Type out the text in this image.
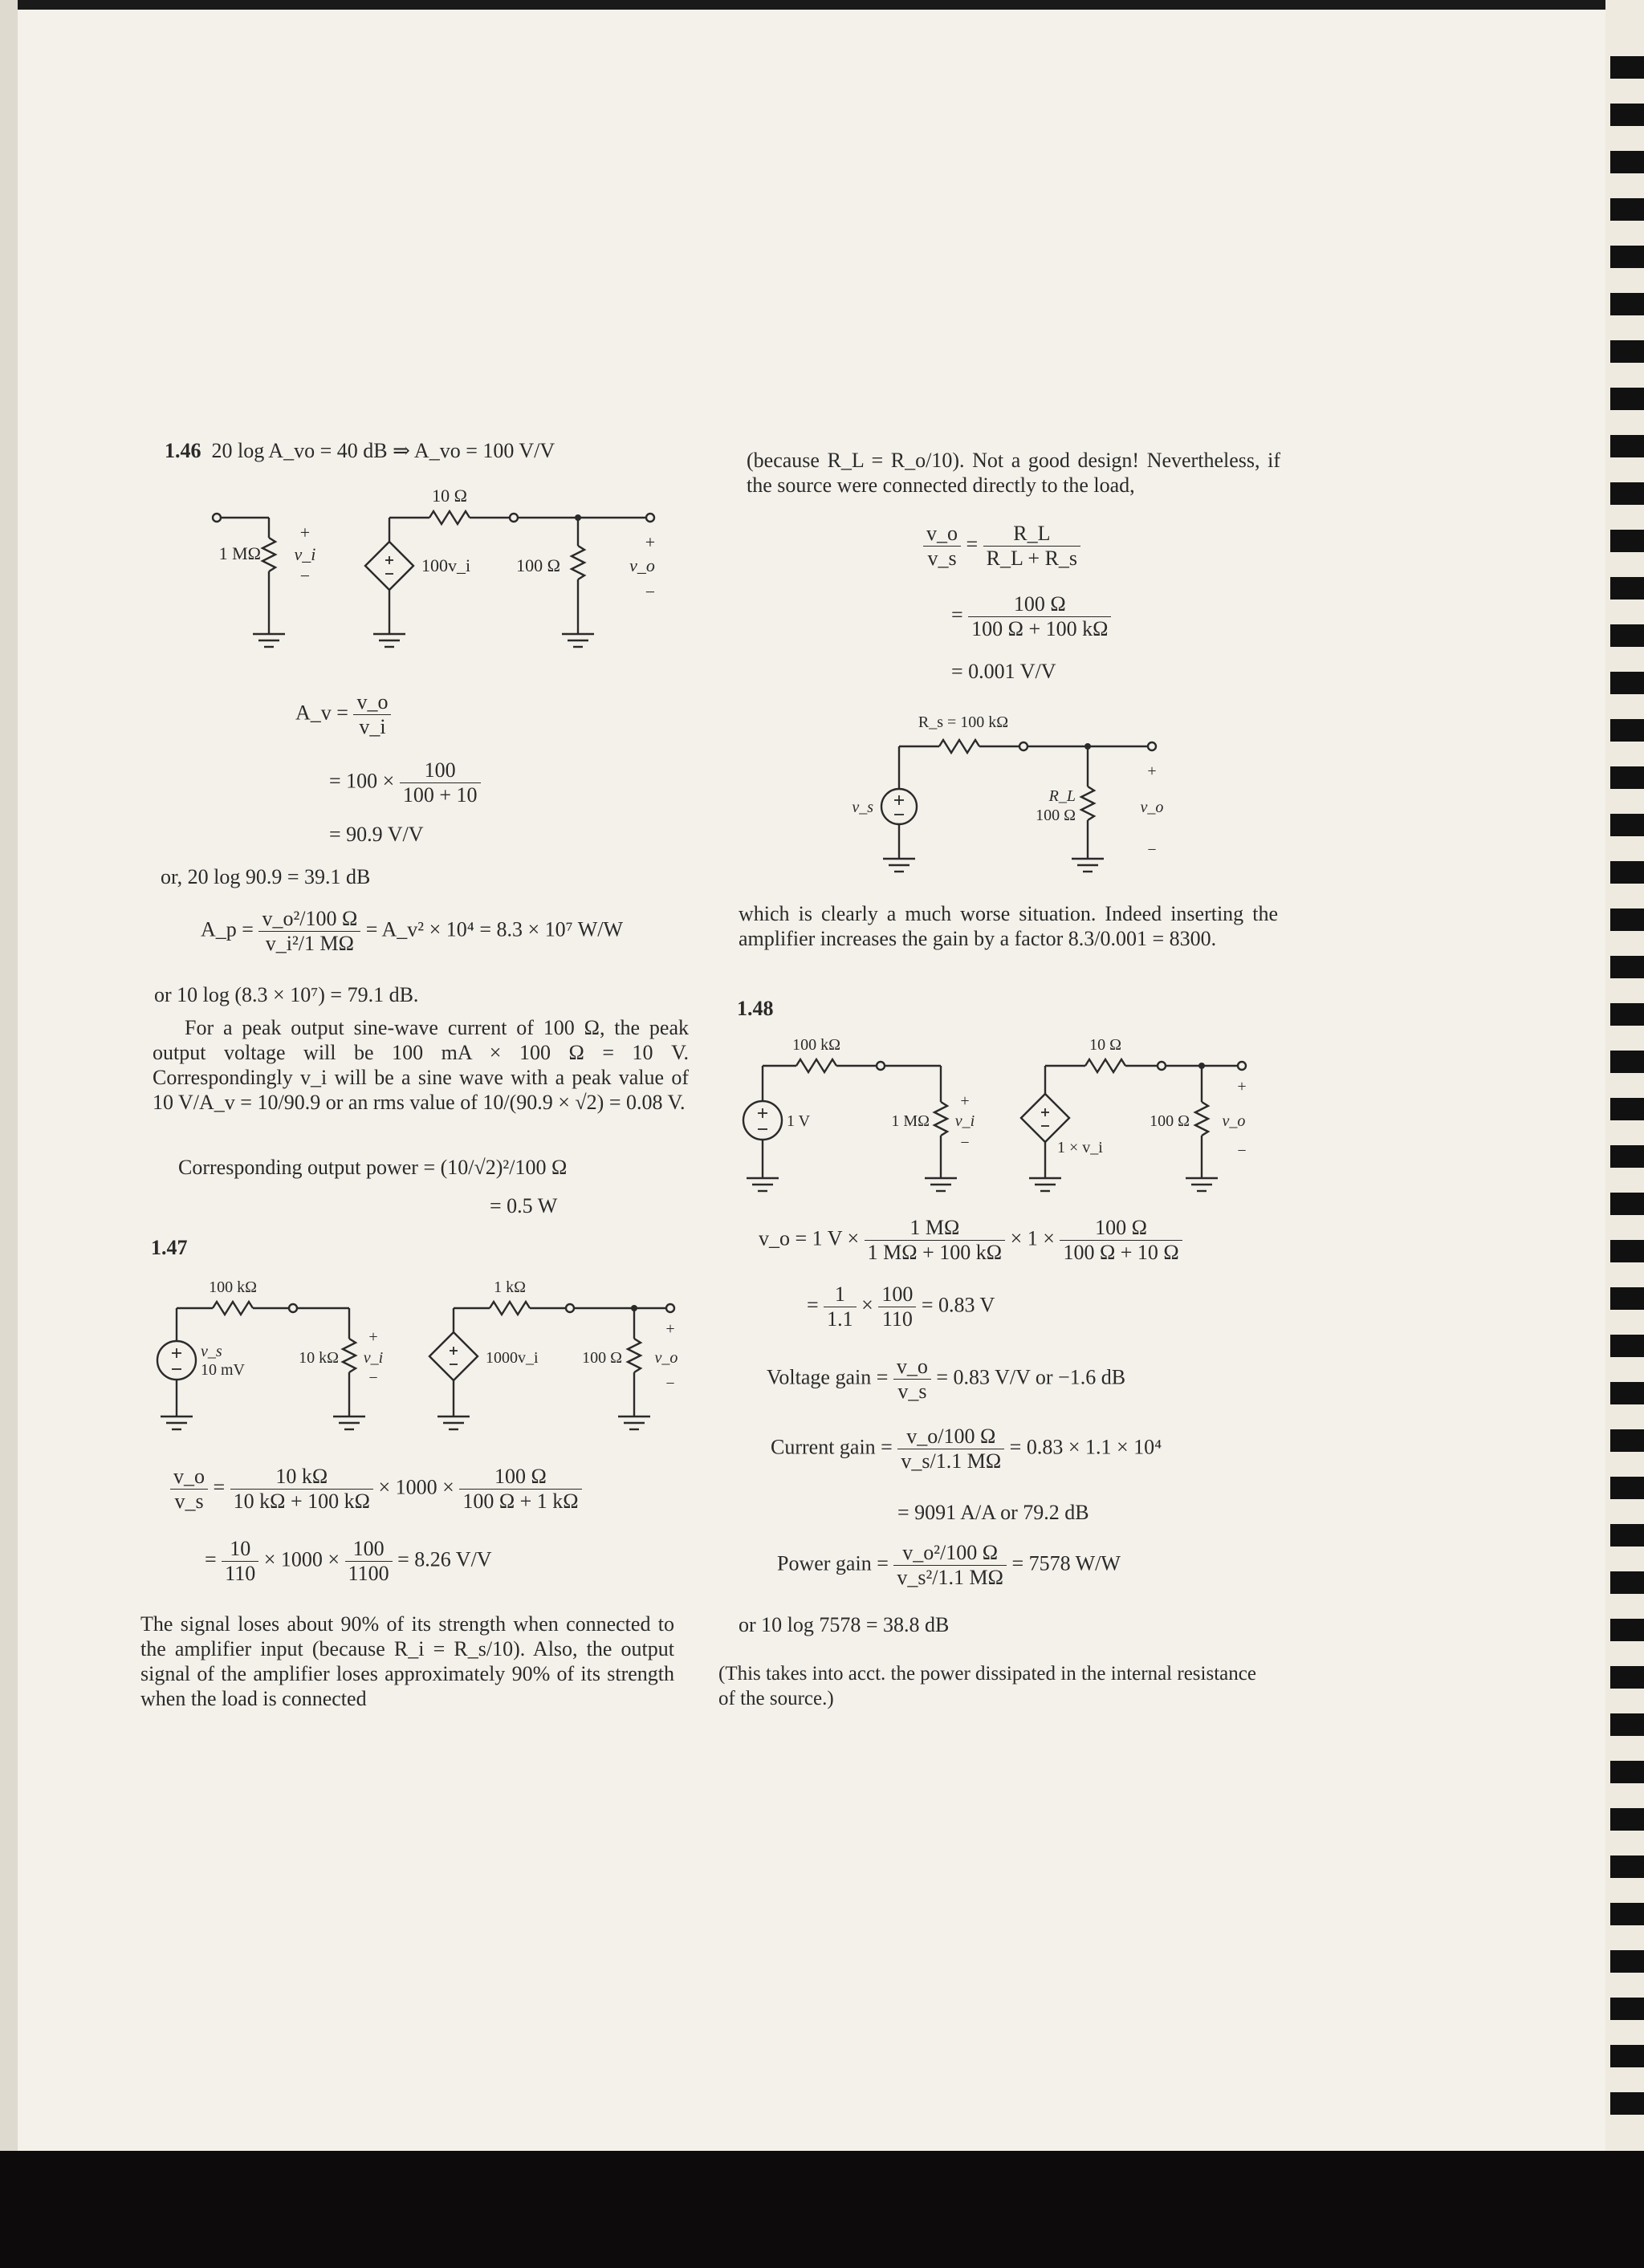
1.46 20 log A_vo = 40 dB ⇒ A_vo = 100 V/V
10 Ω
1 MΩ
+
v_i
−
100v_i	100 Ω
+
v_o
−
A_v = $\frac{v\_o}{v\_i}$
= $100 \times \frac{100}{100 + 10}$
= 90.9 V/V
or, 20 log 90.9 = 39.1 dB
A_p = $\frac{\text{v\_o²/100 Ω}}{\text{v\_i²/1 MΩ}}$ = A_v² × 10⁴ = 8.3 × 10⁷ W/W
or 10 log (8.3 × 10⁷) = 79.1 dB.
For a peak output sine-wave current of 100 Ω, the peak output voltage will be 100 mA × 100 Ω = 10 V. Correspondingly v_i will be a sine wave with a peak value of 10 V/A_v = 10/90.9 or an rms value of 10/(90.9 × √2) = 0.08 V.
Corresponding output power = (10/√2)²/100 Ω
= 0.5 W
1.47
100 kΩ
v_s
10 mV
10 kΩ
+
v_i
−
1 kΩ
1000v_i	100 Ω
+
v_o
−
$\frac{v\_o}{v\_s} = \frac{10 k\Omega}{10 k\Omega + 100 k\Omega} \times 1000 \times \frac{100 \Omega}{100 \Omega + 1 k\Omega}$
= $\frac{10}{110} \times 1000 \times \frac{100}{1100} = 8.26$ V/V
The signal loses about 90% of its strength when connected to the amplifier input (because R_i = R_s/10). Also, the output signal of the amplifier loses approximately 90% of its strength when the load is connected
(because R_L = R_o/10). Not a good design! Nevertheless, if the source were connected directly to the load,
$\frac{v\_o}{v\_s} = \frac{R\_L}{R\_L + R\_s}$
= $\frac{100 \Omega}{100 \Omega + 100 k\Omega}$
= 0.001 V/V
R_s = 100 kΩ
v_s
R_L
100 Ω
+
v_o
−
which is clearly a much worse situation. Indeed inserting the amplifier increases the gain by a factor 8.3/0.001 = 8300.
1.48
100 kΩ
1 V	1 MΩ
+
v_i
−
10 Ω
1 × v_i
100 Ω
+
v_o
−
v_o = 1 $V \times \frac{1 M\Omega}{1 M\Omega + 100 k\Omega} \times 1 \times \frac{100 \Omega}{100 \Omega + 10 \Omega}$
= $\frac{1}{1.1} \times \frac{100}{110} = 0.83$ V
Voltage gain = $\frac{v\_o}{v\_s} = 0.83$ V/V or −1.6 dB
Current gain = $\frac{v\_o/100 \Omega}{v\_s/1.1 M\Omega} = 0.83 \times 1.1 \times 10^4$
= 9091 A/A or 79.2 dB
Power gain = $\frac{\text{v\_o²/100 Ω}}{\text{v\_s²/1.1 MΩ}} = 7578$ W/W
or 10 log 7578 = 38.8 dB
(This takes into acct. the power dissipated in the internal resistance of the source.)
